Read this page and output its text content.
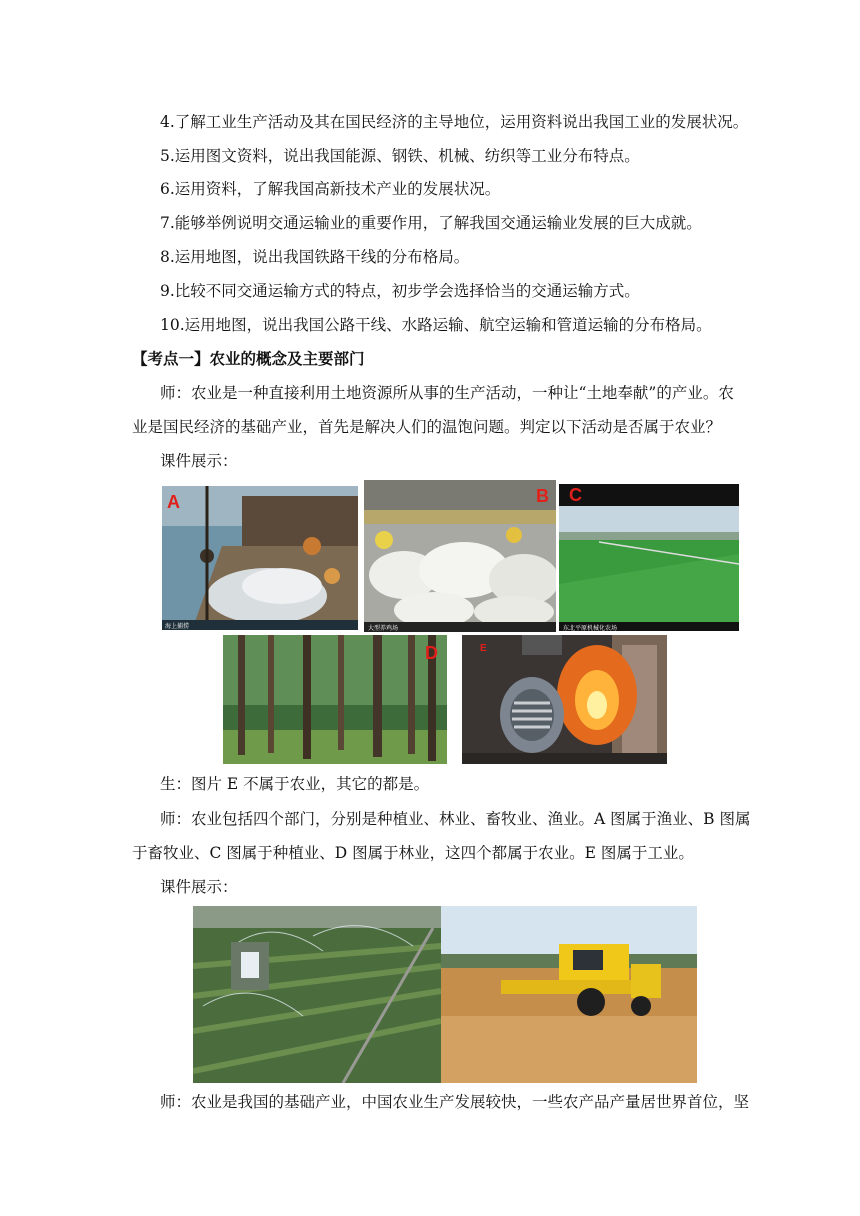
4.了解工业生产活动及其在国民经济的主导地位，运用资料说出我国工业的发展状况。
5.运用图文资料，说出我国能源、钢铁、机械、纺织等工业分布特点。
6.运用资料，了解我国高新技术产业的发展状况。
7.能够举例说明交通运输业的重要作用，了解我国交通运输业发展的巨大成就。
8.运用地图，说出我国铁路干线的分布格局。
9.比较不同交通运输方式的特点，初步学会选择恰当的交通运输方式。
10.运用地图，说出我国公路干线、水路运输、航空运输和管道运输的分布格局。
【考点一】农业的概念及主要部门
师：农业是一种直接利用土地资源所从事的生产活动，一种让“土地奉献”的产业。农
业是国民经济的基础产业，首先是解决人们的温饱问题。判定以下活动是否属于农业？
课件展示：
A
海上捕捞
B
大型养鸡场
C
东北平原机械化农场
D	E
生：图片 E 不属于农业，其它的都是。
师：农业包括四个部门，分别是种植业、林业、畜牧业、渔业。A 图属于渔业、B 图属
于畜牧业、C 图属于种植业、D 图属于林业，这四个都属于农业。E 图属于工业。
课件展示：
师：农业是我国的基础产业，中国农业生产发展较快，一些农产品产量居世界首位，坚
